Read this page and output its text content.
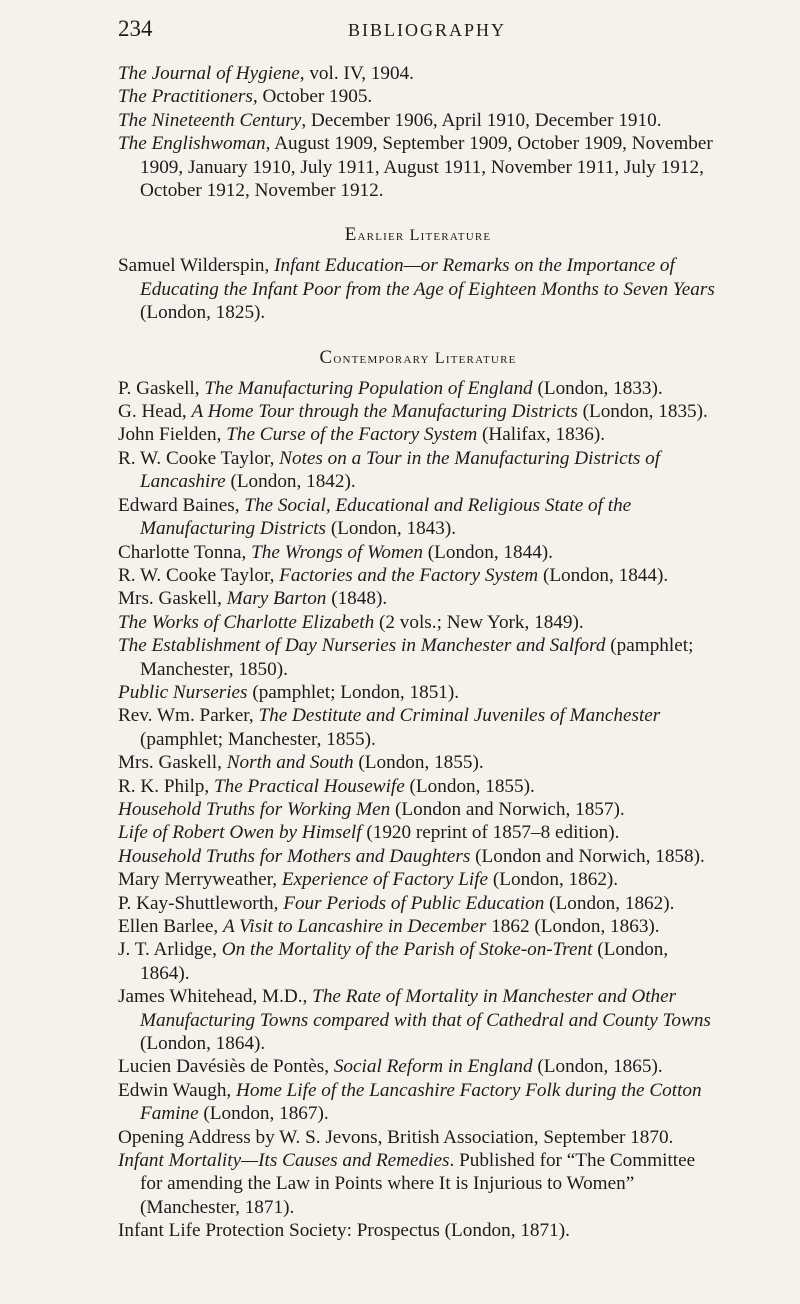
234	BIBLIOGRAPHY
The Journal of Hygiene, vol. IV, 1904.
The Practitioners, October 1905.
The Nineteenth Century, December 1906, April 1910, December 1910.
The Englishwoman, August 1909, September 1909, October 1909, November 1909, January 1910, July 1911, August 1911, November 1911, July 1912, October 1912, November 1912.
Earlier Literature
Samuel Wilderspin, Infant Education—or Remarks on the Importance of Educating the Infant Poor from the Age of Eighteen Months to Seven Years (London, 1825).
Contemporary Literature
P. Gaskell, The Manufacturing Population of England (London, 1833).
G. Head, A Home Tour through the Manufacturing Districts (London, 1835).
John Fielden, The Curse of the Factory System (Halifax, 1836).
R. W. Cooke Taylor, Notes on a Tour in the Manufacturing Districts of Lancashire (London, 1842).
Edward Baines, The Social, Educational and Religious State of the Manufacturing Districts (London, 1843).
Charlotte Tonna, The Wrongs of Women (London, 1844).
R. W. Cooke Taylor, Factories and the Factory System (London, 1844).
Mrs. Gaskell, Mary Barton (1848).
The Works of Charlotte Elizabeth (2 vols.; New York, 1849).
The Establishment of Day Nurseries in Manchester and Salford (pamphlet; Manchester, 1850).
Public Nurseries (pamphlet; London, 1851).
Rev. Wm. Parker, The Destitute and Criminal Juveniles of Manchester (pamphlet; Manchester, 1855).
Mrs. Gaskell, North and South (London, 1855).
R. K. Philp, The Practical Housewife (London, 1855).
Household Truths for Working Men (London and Norwich, 1857).
Life of Robert Owen by Himself (1920 reprint of 1857–8 edition).
Household Truths for Mothers and Daughters (London and Norwich, 1858).
Mary Merryweather, Experience of Factory Life (London, 1862).
P. Kay-Shuttleworth, Four Periods of Public Education (London, 1862).
Ellen Barlee, A Visit to Lancashire in December 1862 (London, 1863).
J. T. Arlidge, On the Mortality of the Parish of Stoke-on-Trent (London, 1864).
James Whitehead, M.D., The Rate of Mortality in Manchester and Other Manufacturing Towns compared with that of Cathedral and County Towns (London, 1864).
Lucien Davésiès de Pontès, Social Reform in England (London, 1865).
Edwin Waugh, Home Life of the Lancashire Factory Folk during the Cotton Famine (London, 1867).
Opening Address by W. S. Jevons, British Association, September 1870.
Infant Mortality—Its Causes and Remedies. Published for “The Committee for amending the Law in Points where It is Injurious to Women” (Manchester, 1871).
Infant Life Protection Society: Prospectus (London, 1871).
